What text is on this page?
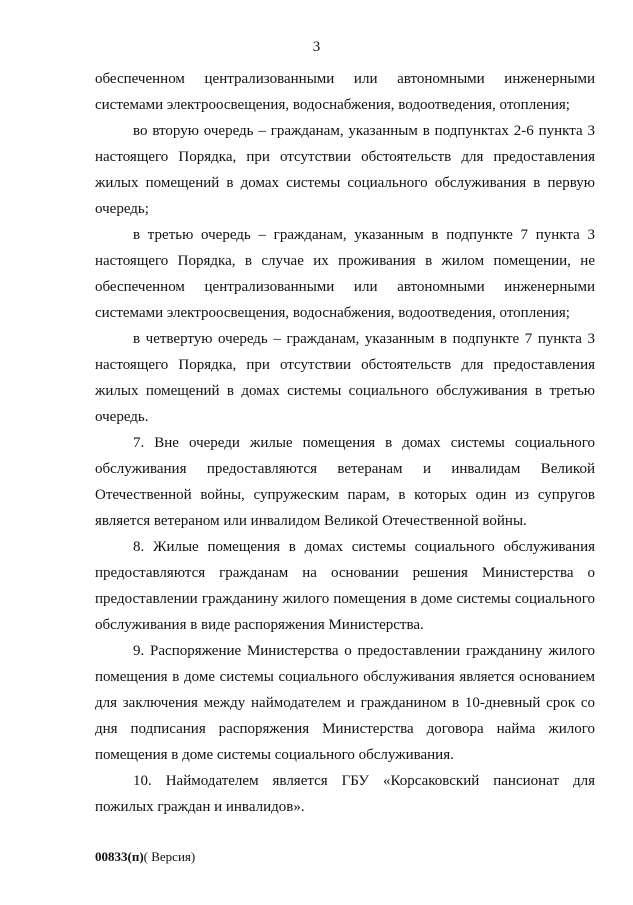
3

обеспеченном централизованными или автономными инженерными системами электроосвещения, водоснабжения, водоотведения, отопления;

во вторую очередь – гражданам, указанным в подпунктах 2-6 пункта 3 настоящего Порядка, при отсутствии обстоятельств для предоставления жилых помещений в домах системы социального обслуживания в первую очередь;

в третью очередь – гражданам, указанным в подпункте 7 пункта 3 настоящего Порядка, в случае их проживания в жилом помещении, не обеспеченном централизованными или автономными инженерными системами электроосвещения, водоснабжения, водоотведения, отопления;

в четвертую очередь – гражданам, указанным в подпункте 7 пункта 3 настоящего Порядка, при отсутствии обстоятельств для предоставления жилых помещений в домах системы социального обслуживания в третью очередь.

7. Вне очереди жилые помещения в домах системы социального обслуживания предоставляются ветеранам и инвалидам Великой Отечественной войны, супружеским парам, в которых один из супругов является ветераном или инвалидом Великой Отечественной войны.

8. Жилые помещения в домах системы социального обслуживания предоставляются гражданам на основании решения Министерства о предоставлении гражданину жилого помещения в доме системы социального обслуживания в виде распоряжения Министерства.

9. Распоряжение Министерства о предоставлении гражданину жилого помещения в доме системы социального обслуживания является основанием для заключения между наймодателем и гражданином в 10-дневный срок со дня подписания распоряжения Министерства договора найма жилого помещения в доме системы социального обслуживания.

10. Наймодателем является ГБУ «Корсаковский пансионат для пожилых граждан и инвалидов».

00833(п)( Версия)
